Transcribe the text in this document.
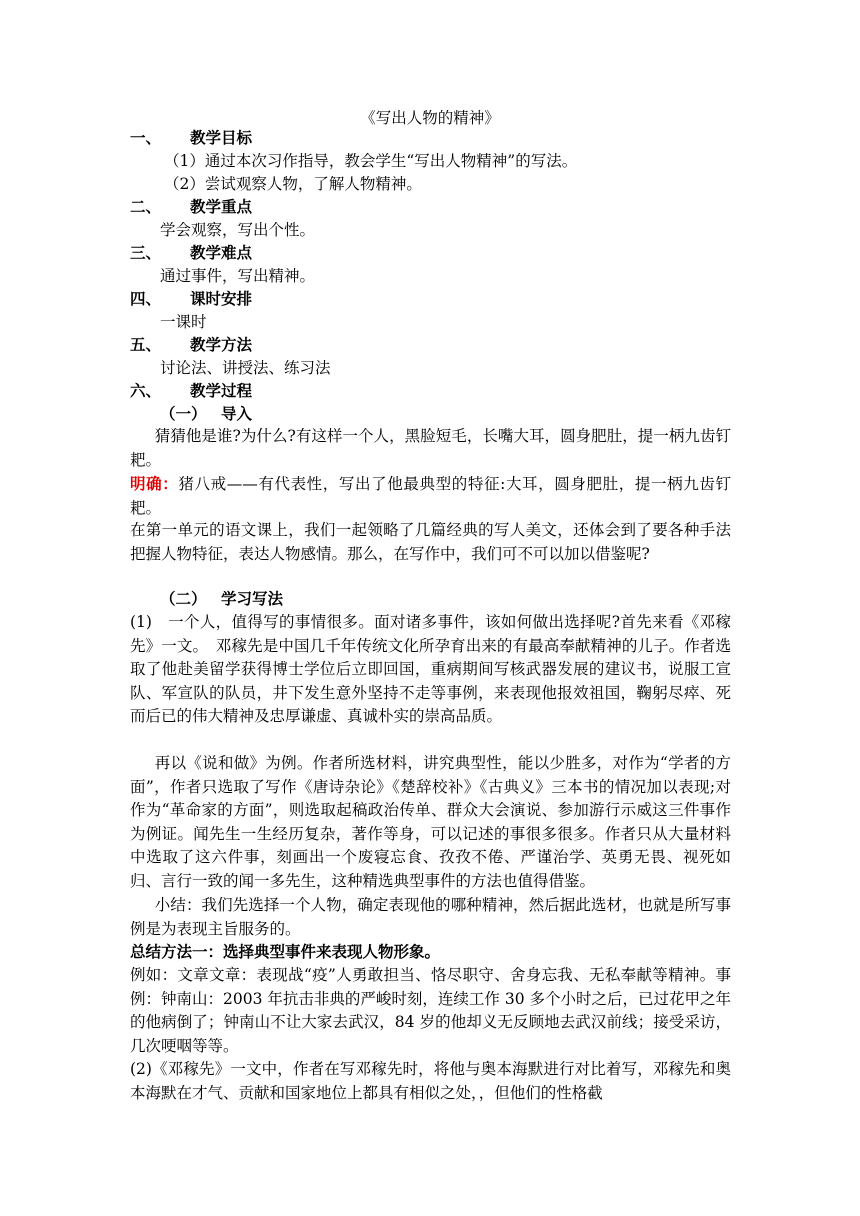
《写出人物的精神》
一、	教学目标
（1）通过本次习作指导，教会学生“写出人物精神”的写法。
（2）尝试观察人物，了解人物精神。
二、	教学重点
学会观察，写出个性。
三、	教学难点
通过事件，写出精神。
四、	课时安排
一课时
五、	教学方法
讨论法、讲授法、练习法
六、	教学过程
（一） 导入
猜猜他是谁?为什么?有这样一个人，黑脸短毛，长嘴大耳，圆身肥肚，提一柄九齿钉耙。
明确：猪八戒——有代表性，写出了他最典型的特征:大耳，圆身肥肚，提一柄九齿钉耙。
在第一单元的语文课上，我们一起领略了几篇经典的写人美文，还体会到了要各种手法把握人物特征，表达人物感情。那么，在写作中，我们可不可以加以借鉴呢?
（二） 学习写法
(1)　一个人，值得写的事情很多。面对诸多事件，该如何做出选择呢?首先来看《邓稼先》一文。　邓稼先是中国几千年传统文化所孕育出来的有最高奉献精神的儿子。作者选取了他赴美留学获得博士学位后立即回国，重病期间写核武器发展的建议书，说服工宣队、军宣队的队员，井下发生意外坚持不走等事例，来表现他报效祖国，鞠躬尽瘁、死而后已的伟大精神及忠厚谦虚、真诚朴实的崇高品质。
再以《说和做》为例。作者所选材料，讲究典型性，能以少胜多，对作为“学者的方面”，作者只选取了写作《唐诗杂论》《楚辞校补》《古典义》三本书的情况加以表现;对作为“革命家的方面”，则选取起稿政治传单、群众大会演说、参加游行示威这三件事作为例证。闻先生一生经历复杂，著作等身，可以记述的事很多很多。作者只从大量材料中选取了这六件事，刻画出一个废寝忘食、孜孜不倦、严谨治学、英勇无畏、视死如归、言行一致的闻一多先生，这种精选典型事件的方法也值得借鉴。
小结：我们先选择一个人物，确定表现他的哪种精神，然后据此选材，也就是所写事例是为表现主旨服务的。
总结方法一：选择典型事件来表现人物形象。
例如：文章文章：表现战“疫”人勇敢担当、恪尽职守、舍身忘我、无私奉献等精神。事例：钟南山：2003 年抗击非典的严峻时刻，连续工作 30 多个小时之后，已过花甲之年的他病倒了；钟南山不让大家去武汉，84 岁的他却义无反顾地去武汉前线；接受采访，几次哽咽等等。
(2)《邓稼先》一文中，作者在写邓稼先时，将他与奥本海默进行对比着写，邓稼先和奥本海默在才气、贡献和国家地位上都具有相似之处，，但他们的性格截
